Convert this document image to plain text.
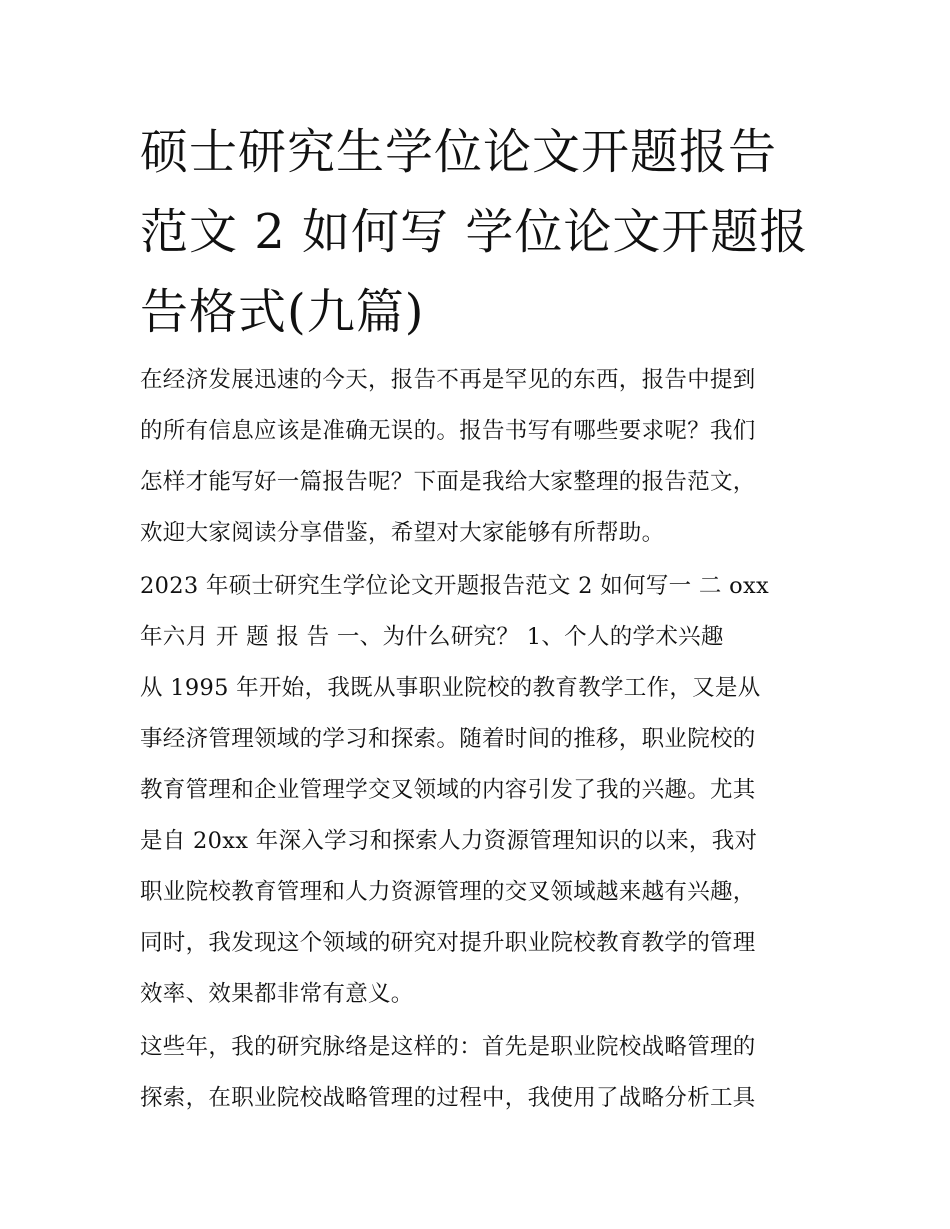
硕士研究生学位论文开题报告
范文 2 如何写 学位论文开题报
告格式(九篇)

在经济发展迅速的今天，报告不再是罕见的东西，报告中提到
的所有信息应该是准确无误的。报告书写有哪些要求呢？我们
怎样才能写好一篇报告呢？下面是我给大家整理的报告范文，
欢迎大家阅读分享借鉴，希望对大家能够有所帮助。

2023 年硕士研究生学位论文开题报告范文 2 如何写一 二 oxx
年六月 开 题 报 告 一、为什么研究？ 1、个人的学术兴趣
从 1995 年开始，我既从事职业院校的教育教学工作，又是从
事经济管理领域的学习和探索。随着时间的推移，职业院校的
教育管理和企业管理学交叉领域的内容引发了我的兴趣。尤其
是自 20xx 年深入学习和探索人力资源管理知识的以来，我对
职业院校教育管理和人力资源管理的交叉领域越来越有兴趣，
同时，我发现这个领域的研究对提升职业院校教育教学的管理
效率、效果都非常有意义。

这些年，我的研究脉络是这样的：首先是职业院校战略管理的
探索，在职业院校战略管理的过程中，我使用了战略分析工具
